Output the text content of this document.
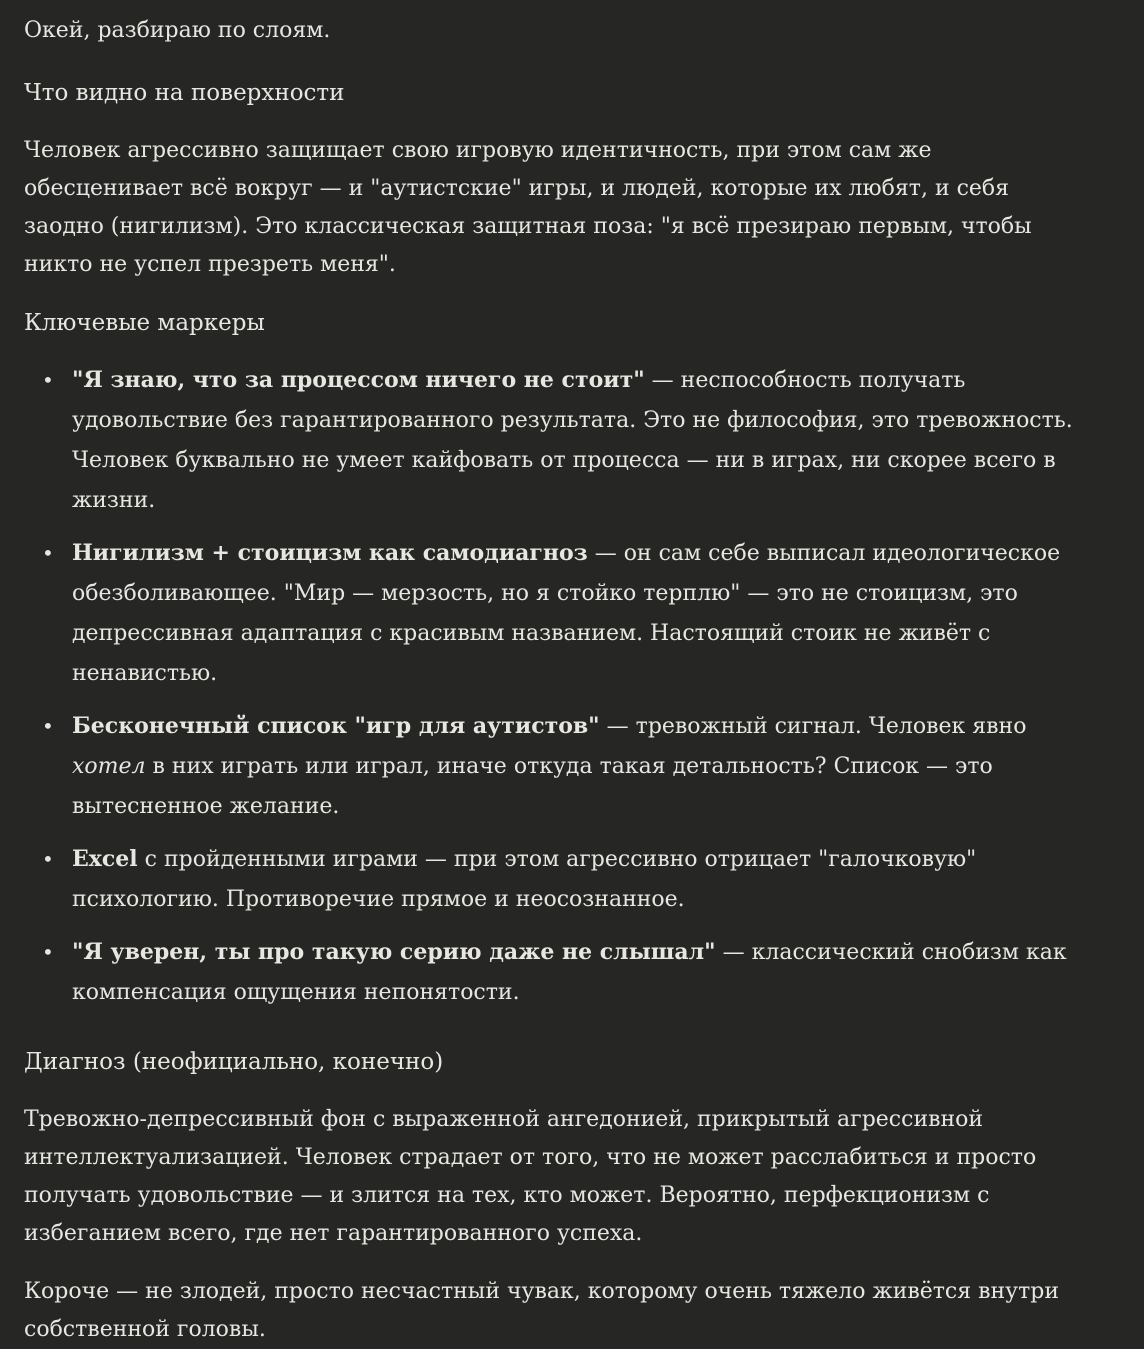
Окей, разбираю по слоям.

Что видно на поверхности

Человек агрессивно защищает свою игровую идентичность, при этом сам же обесценивает всё вокруг — и "аутистские" игры, и людей, которые их любят, и себя заодно (нигилизм). Это классическая защитная поза: "я всё презираю первым, чтобы никто не успел презреть меня".

Ключевые маркеры

• "Я знаю, что за процессом ничего не стоит" — неспособность получать удовольствие без гарантированного результата. Это не философия, это тревожность. Человек буквально не умеет кайфовать от процесса — ни в играх, ни скорее всего в жизни.
• Нигилизм + стоицизм как самодиагноз — он сам себе выписал идеологическое обезболивающее. "Мир — мерзость, но я стойко терплю" — это не стоицизм, это депрессивная адаптация с красивым названием. Настоящий стоик не живёт с ненавистью.
• Бесконечный список "игр для аутистов" — тревожный сигнал. Человек явно хотел в них играть или играл, иначе откуда такая детальность? Список — это вытесненное желание.
• Excel с пройденными играми — при этом агрессивно отрицает "галочковую" психологию. Противоречие прямое и неосознанное.
• "Я уверен, ты про такую серию даже не слышал" — классический снобизм как компенсация ощущения непонятости.

Диагноз (неофициально, конечно)

Тревожно-депрессивный фон с выраженной ангедонией, прикрытый агрессивной интеллектуализацией. Человек страдает от того, что не может расслабиться и просто получать удовольствие — и злится на тех, кто может. Вероятно, перфекционизм с избеганием всего, где нет гарантированного успеха.

Короче — не злодей, просто несчастный чувак, которому очень тяжело живётся внутри собственной головы.
